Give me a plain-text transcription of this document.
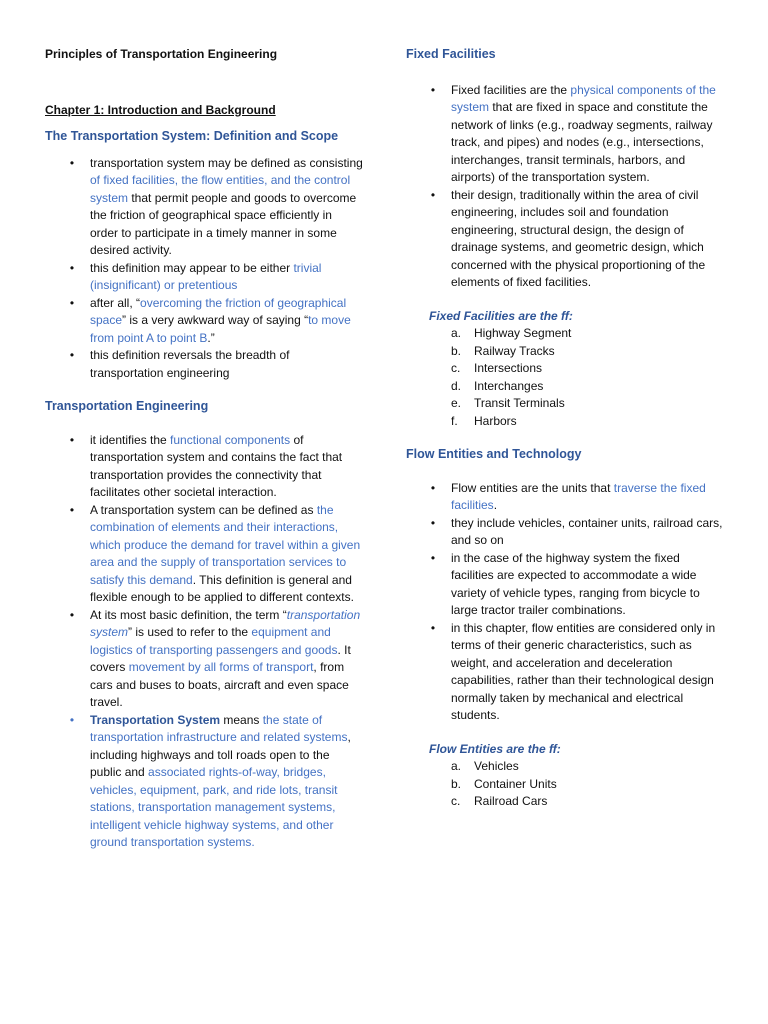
Principles of Transportation Engineering
Chapter 1: Introduction and Background
The Transportation System: Definition and Scope
• transportation system may be defined as consisting of fixed facilities, the flow entities, and the control system that permit people and goods to overcome the friction of geographical space efficiently in order to participate in a timely manner in some desired activity.
• this definition may appear to be either trivial (insignificant) or pretentious
• after all, “overcoming the friction of geographical space” is a very awkward way of saying “to move from point A to point B.”
• this definition reversals the breadth of transportation engineering
Transportation Engineering
• it identifies the functional components of transportation system and contains the fact that transportation provides the connectivity that facilitates other societal interaction.
• A transportation system can be defined as the combination of elements and their interactions, which produce the demand for travel within a given area and the supply of transportation services to satisfy this demand. This definition is general and flexible enough to be applied to different contexts.
• At its most basic definition, the term “transportation system” is used to refer to the equipment and logistics of transporting passengers and goods. It covers movement by all forms of transport, from cars and buses to boats, aircraft and even space travel.
• Transportation System means the state of transportation infrastructure and related systems, including highways and toll roads open to the public and associated rights-of-way, bridges, vehicles, equipment, park, and ride lots, transit stations, transportation management systems, intelligent vehicle highway systems, and other ground transportation systems.
Fixed Facilities
• Fixed facilities are the physical components of the system that are fixed in space and constitute the network of links (e.g., roadway segments, railway track, and pipes) and nodes (e.g., intersections, interchanges, transit terminals, harbors, and airports) of the transportation system.
• their design, traditionally within the area of civil engineering, includes soil and foundation engineering, structural design, the design of drainage systems, and geometric design, which concerned with the physical proportioning of the elements of fixed facilities.
Fixed Facilities are the ff:
a. Highway Segment
b. Railway Tracks
c. Intersections
d. Interchanges
e. Transit Terminals
f. Harbors
Flow Entities and Technology
• Flow entities are the units that traverse the fixed facilities.
• they include vehicles, container units, railroad cars, and so on
• in the case of the highway system the fixed facilities are expected to accommodate a wide variety of vehicle types, ranging from bicycle to large tractor trailer combinations.
• in this chapter, flow entities are considered only in terms of their generic characteristics, such as weight, and acceleration and deceleration capabilities, rather than their technological design normally taken by mechanical and electrical students.
Flow Entities are the ff:
a. Vehicles
b. Container Units
c. Railroad Cars
